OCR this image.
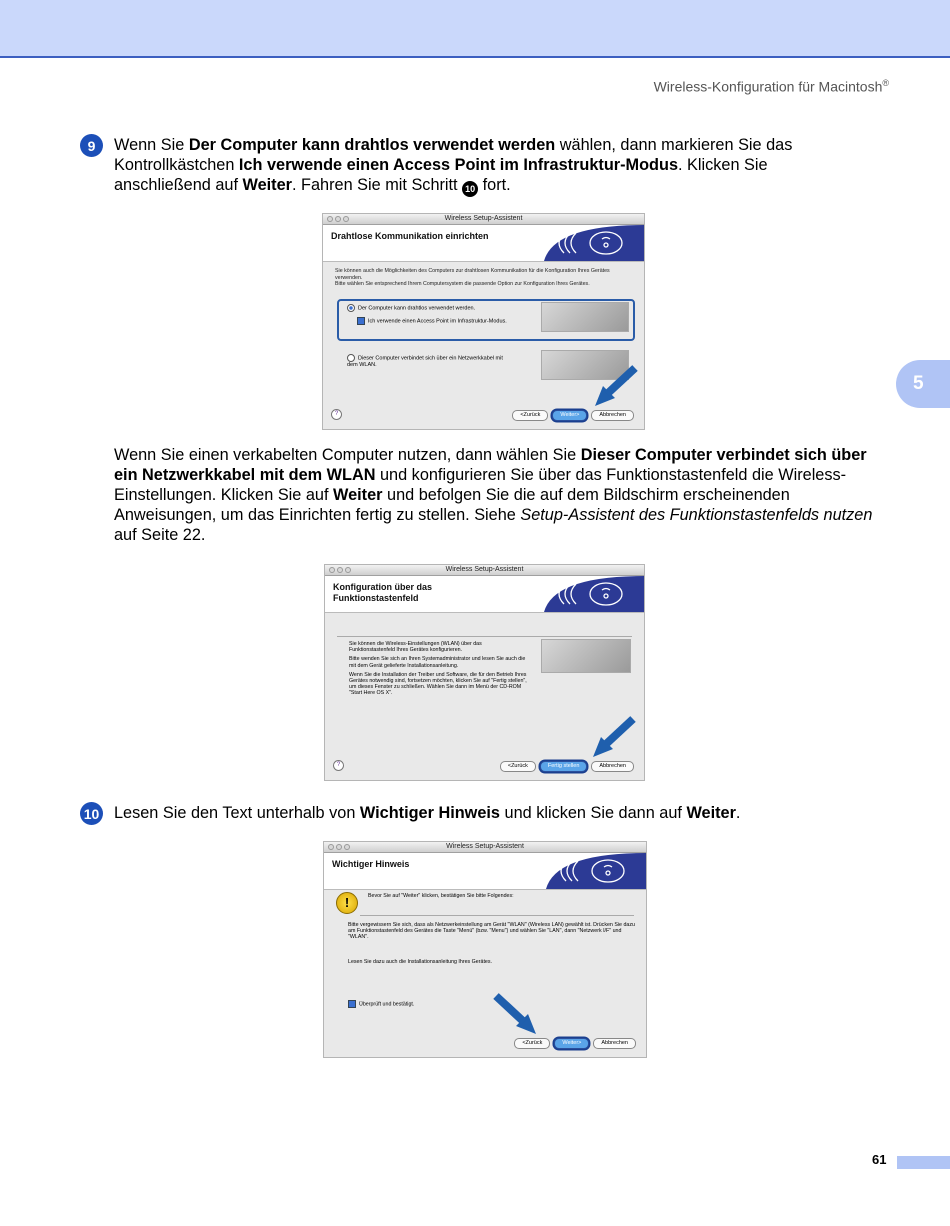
Wireless-Konfiguration für Macintosh®
5
9	Wenn Sie Der Computer kann drahtlos verwendet werden wählen, dann markieren Sie das Kontrollkästchen Ich verwende einen Access Point im Infrastruktur-Modus. Klicken Sie anschließend auf Weiter. Fahren Sie mit Schritt 10 fort.
Wireless Setup-Assistent
Drahtlose Kommunikation einrichten
Sie können auch die Möglichkeiten des Computers zur drahtlosen Kommunikation für die Konfiguration Ihres Gerätes verwenden.
Bitte wählen Sie entsprechend Ihrem Computersystem die passende Option zur Konfiguration Ihres Gerätes.
Der Computer kann drahtlos verwendet werden.
Ich verwende einen Access Point im Infrastruktur-Modus.
Dieser Computer verbindet sich über ein Netzwerkkabel mit dem WLAN.
?	<Zurück	Weiter>	Abbrechen
Wenn Sie einen verkabelten Computer nutzen, dann wählen Sie Dieser Computer verbindet sich über ein Netzwerkkabel mit dem WLAN und konfigurieren Sie über das Funktionstastenfeld die Wireless-Einstellungen. Klicken Sie auf Weiter und befolgen Sie die auf dem Bildschirm erscheinenden Anweisungen, um das Einrichten fertig zu stellen. Siehe Setup-Assistent des Funktionstastenfelds nutzen auf Seite 22.
Wireless Setup-Assistent
Konfiguration über das Funktionstastenfeld
Sie können die Wireless-Einstellungen (WLAN) über das Funktionstastenfeld Ihres Gerätes konfigurieren.
Bitte wenden Sie sich an Ihren Systemadministrator und lesen Sie auch die mit dem Gerät gelieferte Installationsanleitung.
Wenn Sie die Installation der Treiber und Software, die für den Betrieb Ihres Gerätes notwendig sind, fortsetzen möchten, klicken Sie auf "Fertig stellen", um dieses Fenster zu schließen. Wählen Sie dann im Menü der CD-ROM "Start Here OS X".
?	<Zurück	Fertig stellen	Abbrechen
10 Lesen Sie den Text unterhalb von Wichtiger Hinweis und klicken Sie dann auf Weiter.
Wireless Setup-Assistent
Wichtiger Hinweis
!	Bevor Sie auf "Weiter" klicken, bestätigen Sie bitte Folgendes:
Bitte vergewissern Sie sich, dass als Netzwerkeinstellung am Gerät "WLAN" (Wireless LAN) gewählt ist. Drücken Sie dazu am Funktionstastenfeld des Gerätes die Taste "Menü" (bzw. "Menu") und wählen Sie "LAN", dann "Netzwerk I/F" und "WLAN".
Lesen Sie dazu auch die Installationsanleitung Ihres Gerätes.
Überprüft und bestätigt.
<Zurück	Weiter>	Abbrechen
61
